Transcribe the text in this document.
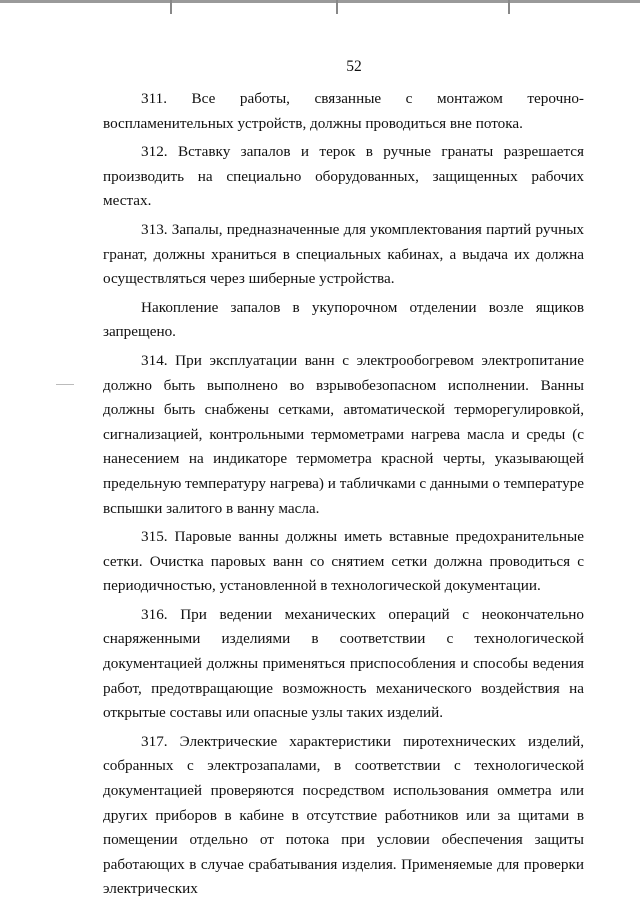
52

311. Все работы, связанные с монтажом терочно-воспламенительных устройств, должны проводиться вне потока.

312. Вставку запалов и терок в ручные гранаты разрешается производить на специально оборудованных, защищенных рабочих местах.

313. Запалы, предназначенные для укомплектования партий ручных гранат, должны храниться в специальных кабинах, а выдача их должна осуществляться через шиберные устройства.

Накопление запалов в укупорочном отделении возле ящиков запрещено.

314. При эксплуатации ванн с электрообогревом электропитание должно быть выполнено во взрывобезопасном исполнении. Ванны должны быть снабжены сетками, автоматической терморегулировкой, сигнализацией, контрольными термометрами нагрева масла и среды (с нанесением на индикаторе термометра красной черты, указывающей предельную температуру нагрева) и табличками с данными о температуре вспышки залитого в ванну масла.

315. Паровые ванны должны иметь вставные предохранительные сетки. Очистка паровых ванн со снятием сетки должна проводиться с периодичностью, установленной в технологической документации.

316. При ведении механических операций с неокончательно снаряженными изделиями в соответствии с технологической документацией должны применяться приспособления и способы ведения работ, предотвращающие возможность механического воздействия на открытые составы или опасные узлы таких изделий.

317. Электрические характеристики пиротехнических изделий, собранных с электрозапалами, в соответствии с технологической документацией проверяются посредством использования омметра или других приборов в кабине в отсутствие работников или за щитами в помещении отдельно от потока при условии обеспечения защиты работающих в случае срабатывания изделия. Применяемые для проверки электрических
